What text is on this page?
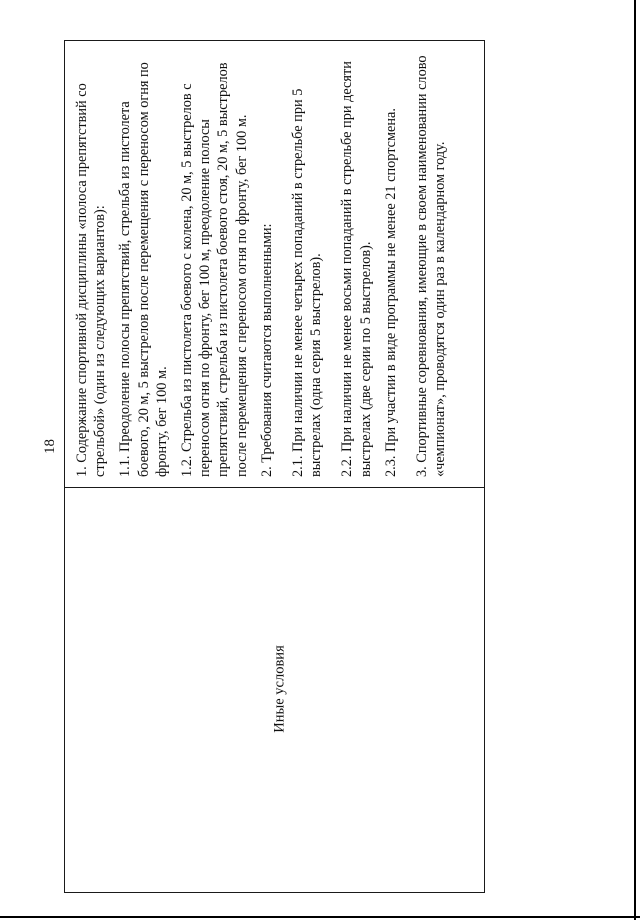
18 1. Содержание спортивной дисциплины «полоса препятствий со стрельбой» (один из следующих вариантов): 1.1. Преодоление полосы препятствий, стрельба из пистолета боевого, 20 м, 5 выстрелов после перемещения с переносом огня по фронту, бег 100 м. 1.2. Стрельба из пистолета боевого с колена, 20 м, 5 выстрелов с переносом огня по фронту, бег 100 м, преодоление полосы препятствий, стрельба из пистолета боевого стоя, 20 м, 5 выстрелов после перемещения с переносом огня по фронту, бег 100 м. 2. Требования считаются выполненными: 2.1. При наличии не менее четырех попаданий в стрельбе при 5 выстрелах (одна серия 5 выстрелов). 2.2. При наличии не менее восьми попаданий в стрельбе при десяти выстрелах (две серии по 5 выстрелов). 2.3. При участии в виде программы не менее 21 спортсмена. 3. Спортивные соревнования, имеющие в своем наименовании слово «чемпионат», проводятся один раз в календарном году.

Иные условия
